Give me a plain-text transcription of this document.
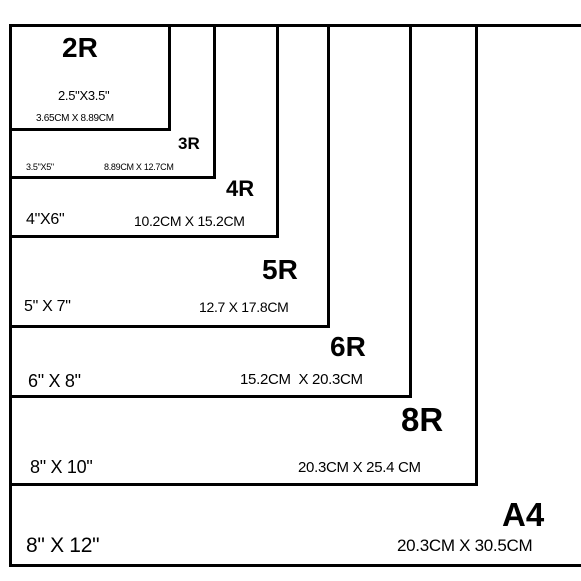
2R
2.5"X3.5"
3.65CM X 8.89CM
3R
3.5"X5"	8.89CM X 12.7CM
4R
4"X6"	10.2CM X 15.2CM
5R
5" X 7"	12.7 X 17.8CM
6R
6" X 8"	15.2CM  X 20.3CM
8R
8" X 10"	20.3CM X 25.4 CM
A4
8" X 12"	20.3CM X 30.5CM
